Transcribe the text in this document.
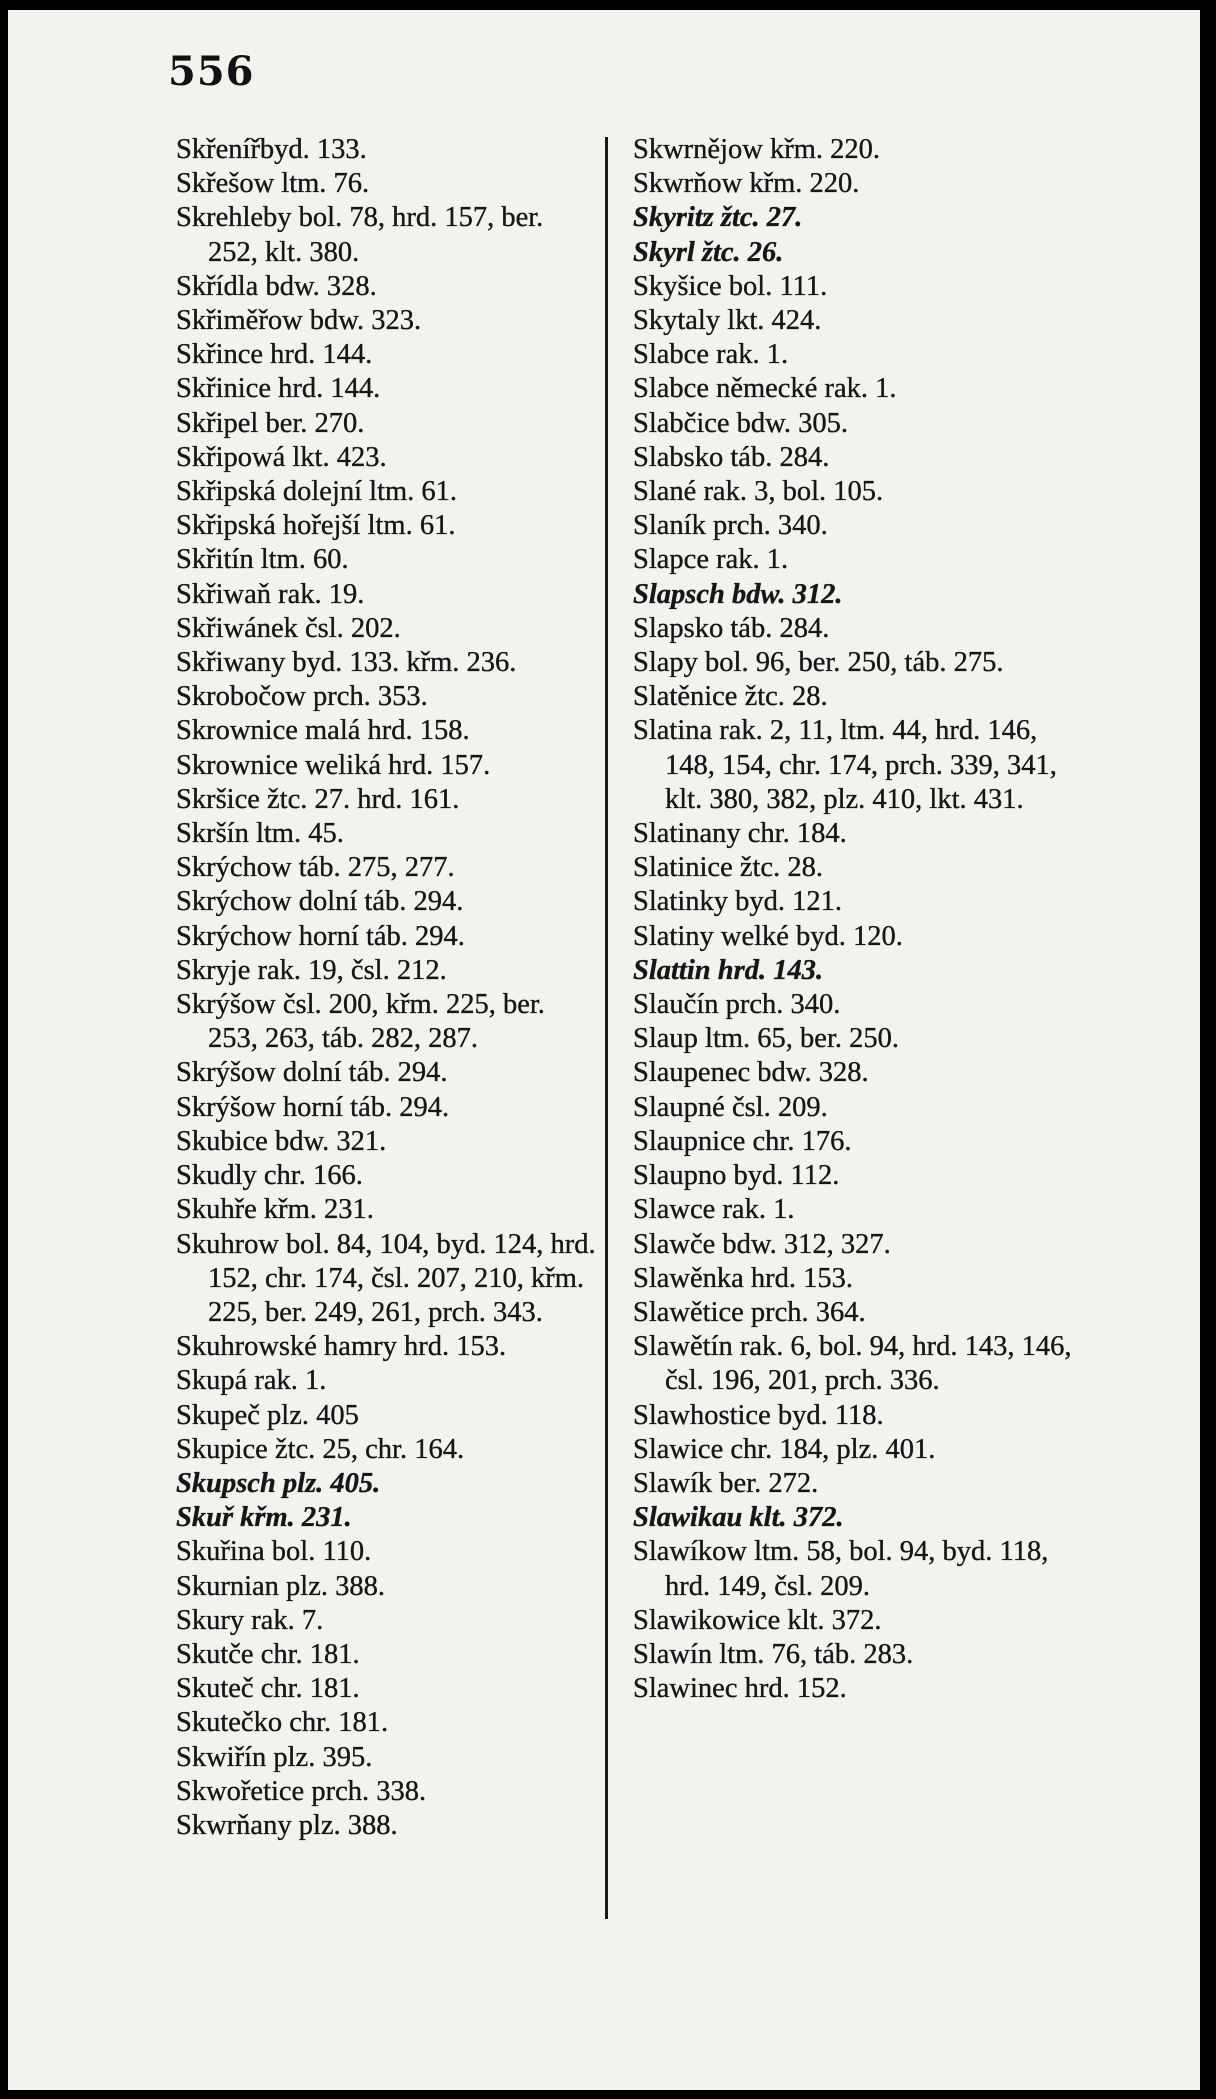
556
Skřenířbyd. 133.
Skřešow ltm. 76.
Skrehleby bol. 78, hrd. 157, ber. 252, klt. 380.
Skřídla bdw. 328.
Skřiměřow bdw. 323.
Skřince hrd. 144.
Skřinice hrd. 144.
Skřipel ber. 270.
Skřipowá lkt. 423.
Skřipská dolejní ltm. 61.
Skřipská hořejší ltm. 61.
Skřitín ltm. 60.
Skřiwaň rak. 19.
Skřiwánek čsl. 202.
Skřiwany byd. 133. křm. 236.
Skrobočow prch. 353.
Skrownice malá hrd. 158.
Skrownice weliká hrd. 157.
Skršice žtc. 27. hrd. 161.
Skršín ltm. 45.
Skrýchow táb. 275, 277.
Skrýchow dolní táb. 294.
Skrýchow horní táb. 294.
Skryje rak. 19, čsl. 212.
Skrýšow čsl. 200, křm. 225, ber. 253, 263, táb. 282, 287.
Skrýšow dolní táb. 294.
Skrýšow horní táb. 294.
Skubice bdw. 321.
Skudly chr. 166.
Skuhře křm. 231.
Skuhrow bol. 84, 104, byd. 124, hrd. 152, chr. 174, čsl. 207, 210, křm. 225, ber. 249, 261, prch. 343.
Skuhrowské hamry hrd. 153.
Skupá rak. 1.
Skupeč plz. 405
Skupice žtc. 25, chr. 164.
Skupsch plz. 405.
Skuř křm. 231.
Skuřina bol. 110.
Skurnian plz. 388.
Skury rak. 7.
Skutče chr. 181.
Skuteč chr. 181.
Skutečko chr. 181.
Skwiřín plz. 395.
Skwořetice prch. 338.
Skwrňany plz. 388.
Skwrnějow křm. 220.
Skwrňow křm. 220.
Skyritz žtc. 27.
Skyrl žtc. 26.
Skyšice bol. 111.
Skytaly lkt. 424.
Slabce rak. 1.
Slabce německé rak. 1.
Slabčice bdw. 305.
Slabsko táb. 284.
Slané rak. 3, bol. 105.
Slaník prch. 340.
Slapce rak. 1.
Slapsch bdw. 312.
Slapsko táb. 284.
Slapy bol. 96, ber. 250, táb. 275.
Slatěnice žtc. 28.
Slatina rak. 2, 11, ltm. 44, hrd. 146, 148, 154, chr. 174, prch. 339, 341, klt. 380, 382, plz. 410, lkt. 431.
Slatinany chr. 184.
Slatinice žtc. 28.
Slatinky byd. 121.
Slatiny welké byd. 120.
Slattin hrd. 143.
Slaučín prch. 340.
Slaup ltm. 65, ber. 250.
Slaupenec bdw. 328.
Slaupné čsl. 209.
Slaupnice chr. 176.
Slaupno byd. 112.
Slawce rak. 1.
Slawče bdw. 312, 327.
Slawěnka hrd. 153.
Slawětice prch. 364.
Slawětín rak. 6, bol. 94, hrd. 143, 146, čsl. 196, 201, prch. 336.
Slawhostice byd. 118.
Slawice chr. 184, plz. 401.
Slawík ber. 272.
Slawikau klt. 372.
Slawíkow ltm. 58, bol. 94, byd. 118, hrd. 149, čsl. 209.
Slawikowice klt. 372.
Slawín ltm. 76, táb. 283.
Slawinec hrd. 152.
